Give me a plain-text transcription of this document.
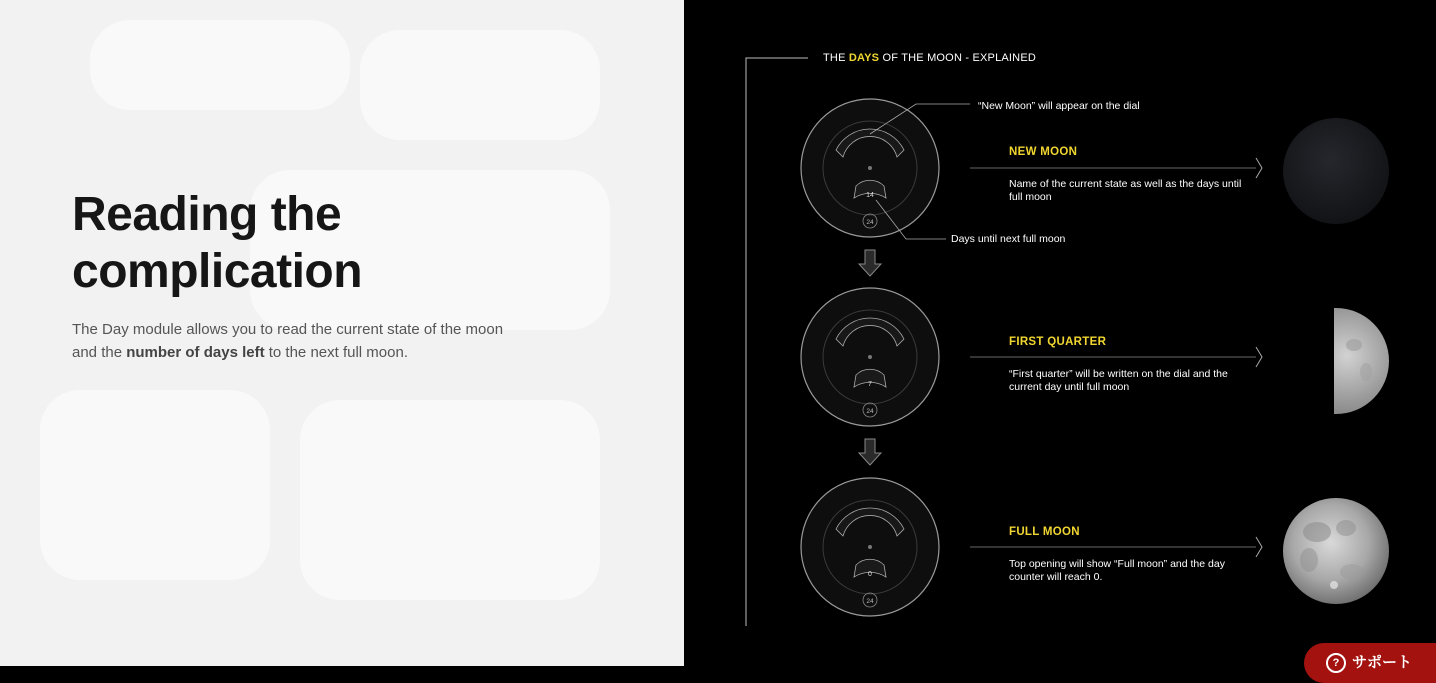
Reading the
complication

The Day module allows you to read the current state of the moon and the number of days left to the next full moon.

14
24
7
24
0
24
THE DAYS OF THE MOON - EXPLAINED
“New Moon” will appear on the dial
Days until next full moon
NEW MOON
Name of the current state as well as the days until full moon
FIRST QUARTER
“First quarter” will be written on the dial and the current day until full moon
FULL MOON
Top opening will show “Full moon” and the day counter will reach 0.
? サポート
